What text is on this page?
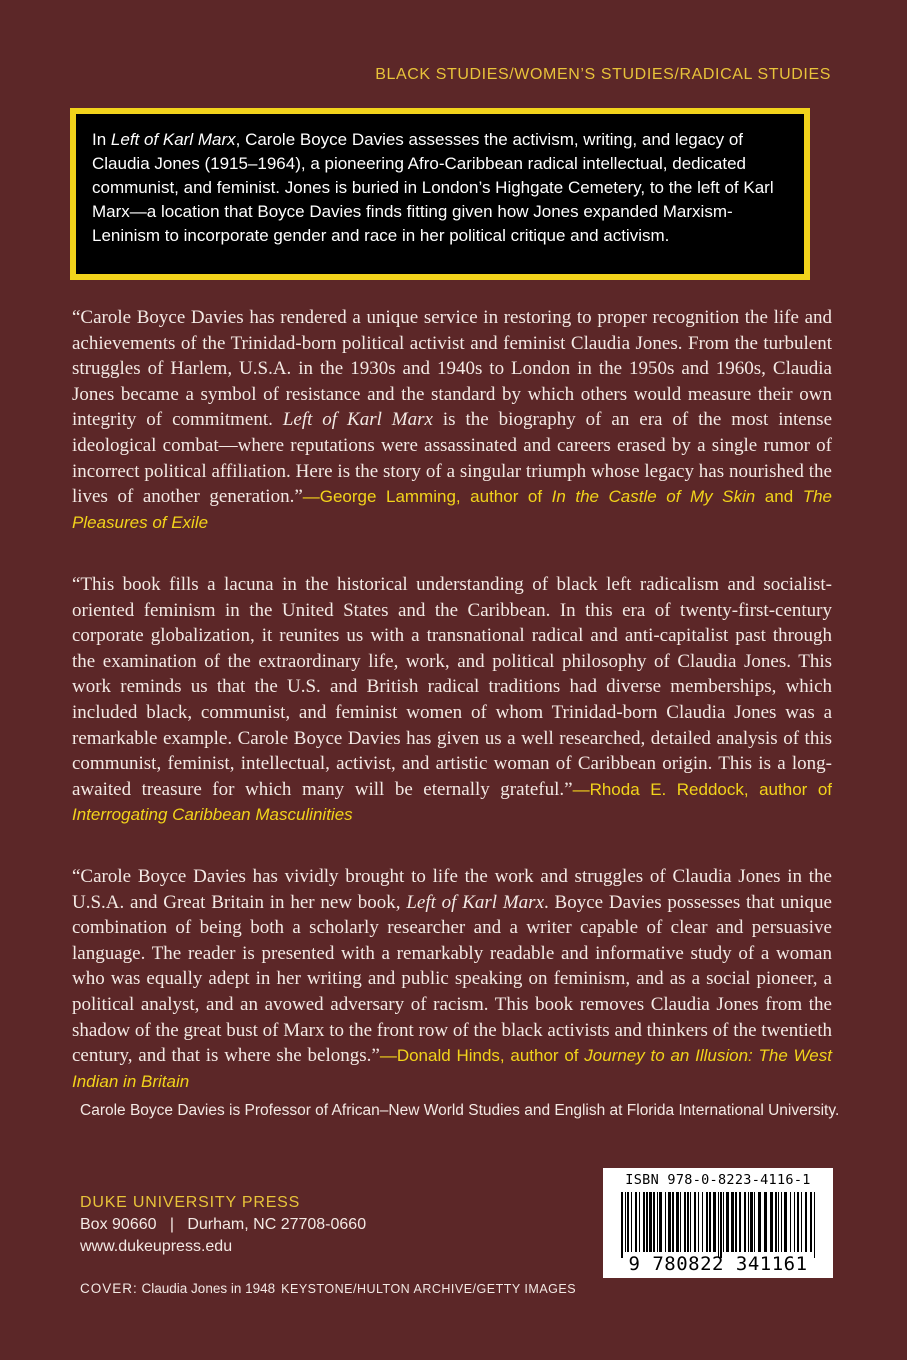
BLACK STUDIES/WOMEN’S STUDIES/RADICAL STUDIES

In Left of Karl Marx, Carole Boyce Davies assesses the activism, writing, and legacy of Claudia Jones (1915–1964), a pioneering Afro-Caribbean radical intellectual, dedicated communist, and feminist. Jones is buried in London’s Highgate Cemetery, to the left of Karl Marx—a location that Boyce Davies finds fitting given how Jones expanded Marxism-Leninism to incorporate gender and race in her political critique and activism.

“Carole Boyce Davies has rendered a unique service in restoring to proper recognition the life and achievements of the Trinidad-born political activist and feminist Claudia Jones. From the turbulent struggles of Harlem, U.S.A. in the 1930s and 1940s to London in the 1950s and 1960s, Claudia Jones became a symbol of resistance and the standard by which others would measure their own integrity of commitment. Left of Karl Marx is the biography of an era of the most intense ideological combat—where reputations were assassinated and careers erased by a single rumor of incorrect political affiliation. Here is the story of a singular triumph whose legacy has nourished the lives of another generation.”—George Lamming, author of In the Castle of My Skin and The Pleasures of Exile

“This book fills a lacuna in the historical understanding of black left radicalism and socialist-oriented feminism in the United States and the Caribbean. In this era of twenty-first-century corporate globalization, it reunites us with a transnational radical and anti-capitalist past through the examination of the extraordinary life, work, and political philosophy of Claudia Jones. This work reminds us that the U.S. and British radical traditions had diverse memberships, which included black, communist, and feminist women of whom Trinidad-born Claudia Jones was a remarkable example. Carole Boyce Davies has given us a well researched, detailed analysis of this communist, feminist, intellectual, activist, and artistic woman of Caribbean origin. This is a long-awaited treasure for which many will be eternally grateful.”—Rhoda E. Reddock, author of Interrogating Caribbean Masculinities

“Carole Boyce Davies has vividly brought to life the work and struggles of Claudia Jones in the U.S.A. and Great Britain in her new book, Left of Karl Marx. Boyce Davies possesses that unique combination of being both a scholarly researcher and a writer capable of clear and persuasive language. The reader is presented with a remarkably readable and informative study of a woman who was equally adept in her writing and public speaking on feminism, and as a social pioneer, a political analyst, and an avowed adversary of racism. This book removes Claudia Jones from the shadow of the great bust of Marx to the front row of the black activists and thinkers of the twentieth century, and that is where she belongs.”—Donald Hinds, author of Journey to an Illusion: The West Indian in Britain

Carole Boyce Davies is Professor of African–New World Studies and English at Florida International University.

DUKE UNIVERSITY PRESS
Box 90660   |   Durham, NC 27708-0660
www.dukeupress.edu
COVER: Claudia Jones in 1948 KEYSTONE/HULTON ARCHIVE/GETTY IMAGES
ISBN 978-0-8223-4116-1
9 780822 341161
